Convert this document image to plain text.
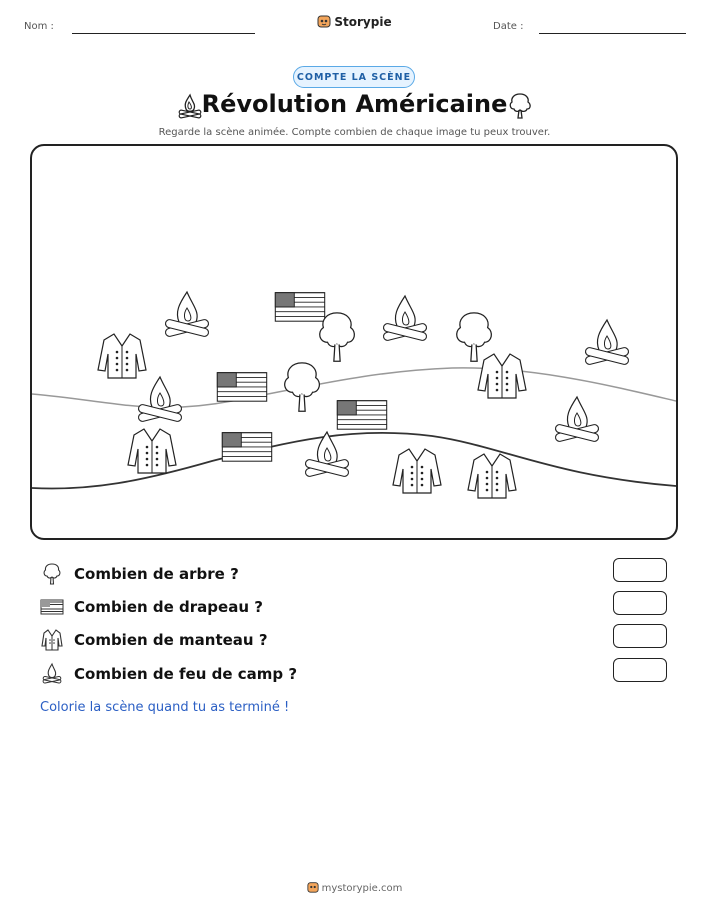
Nom :	Storypie	Date :
COMPTE LA SCÈNE
Révolution Américaine
Regarde la scène animée. Compte combien de chaque image tu peux trouver.
Combien de arbre ?
Combien de drapeau ?
Combien de manteau ?
Combien de feu de camp ?
Colorie la scène quand tu as terminé !
mystorypie.com
